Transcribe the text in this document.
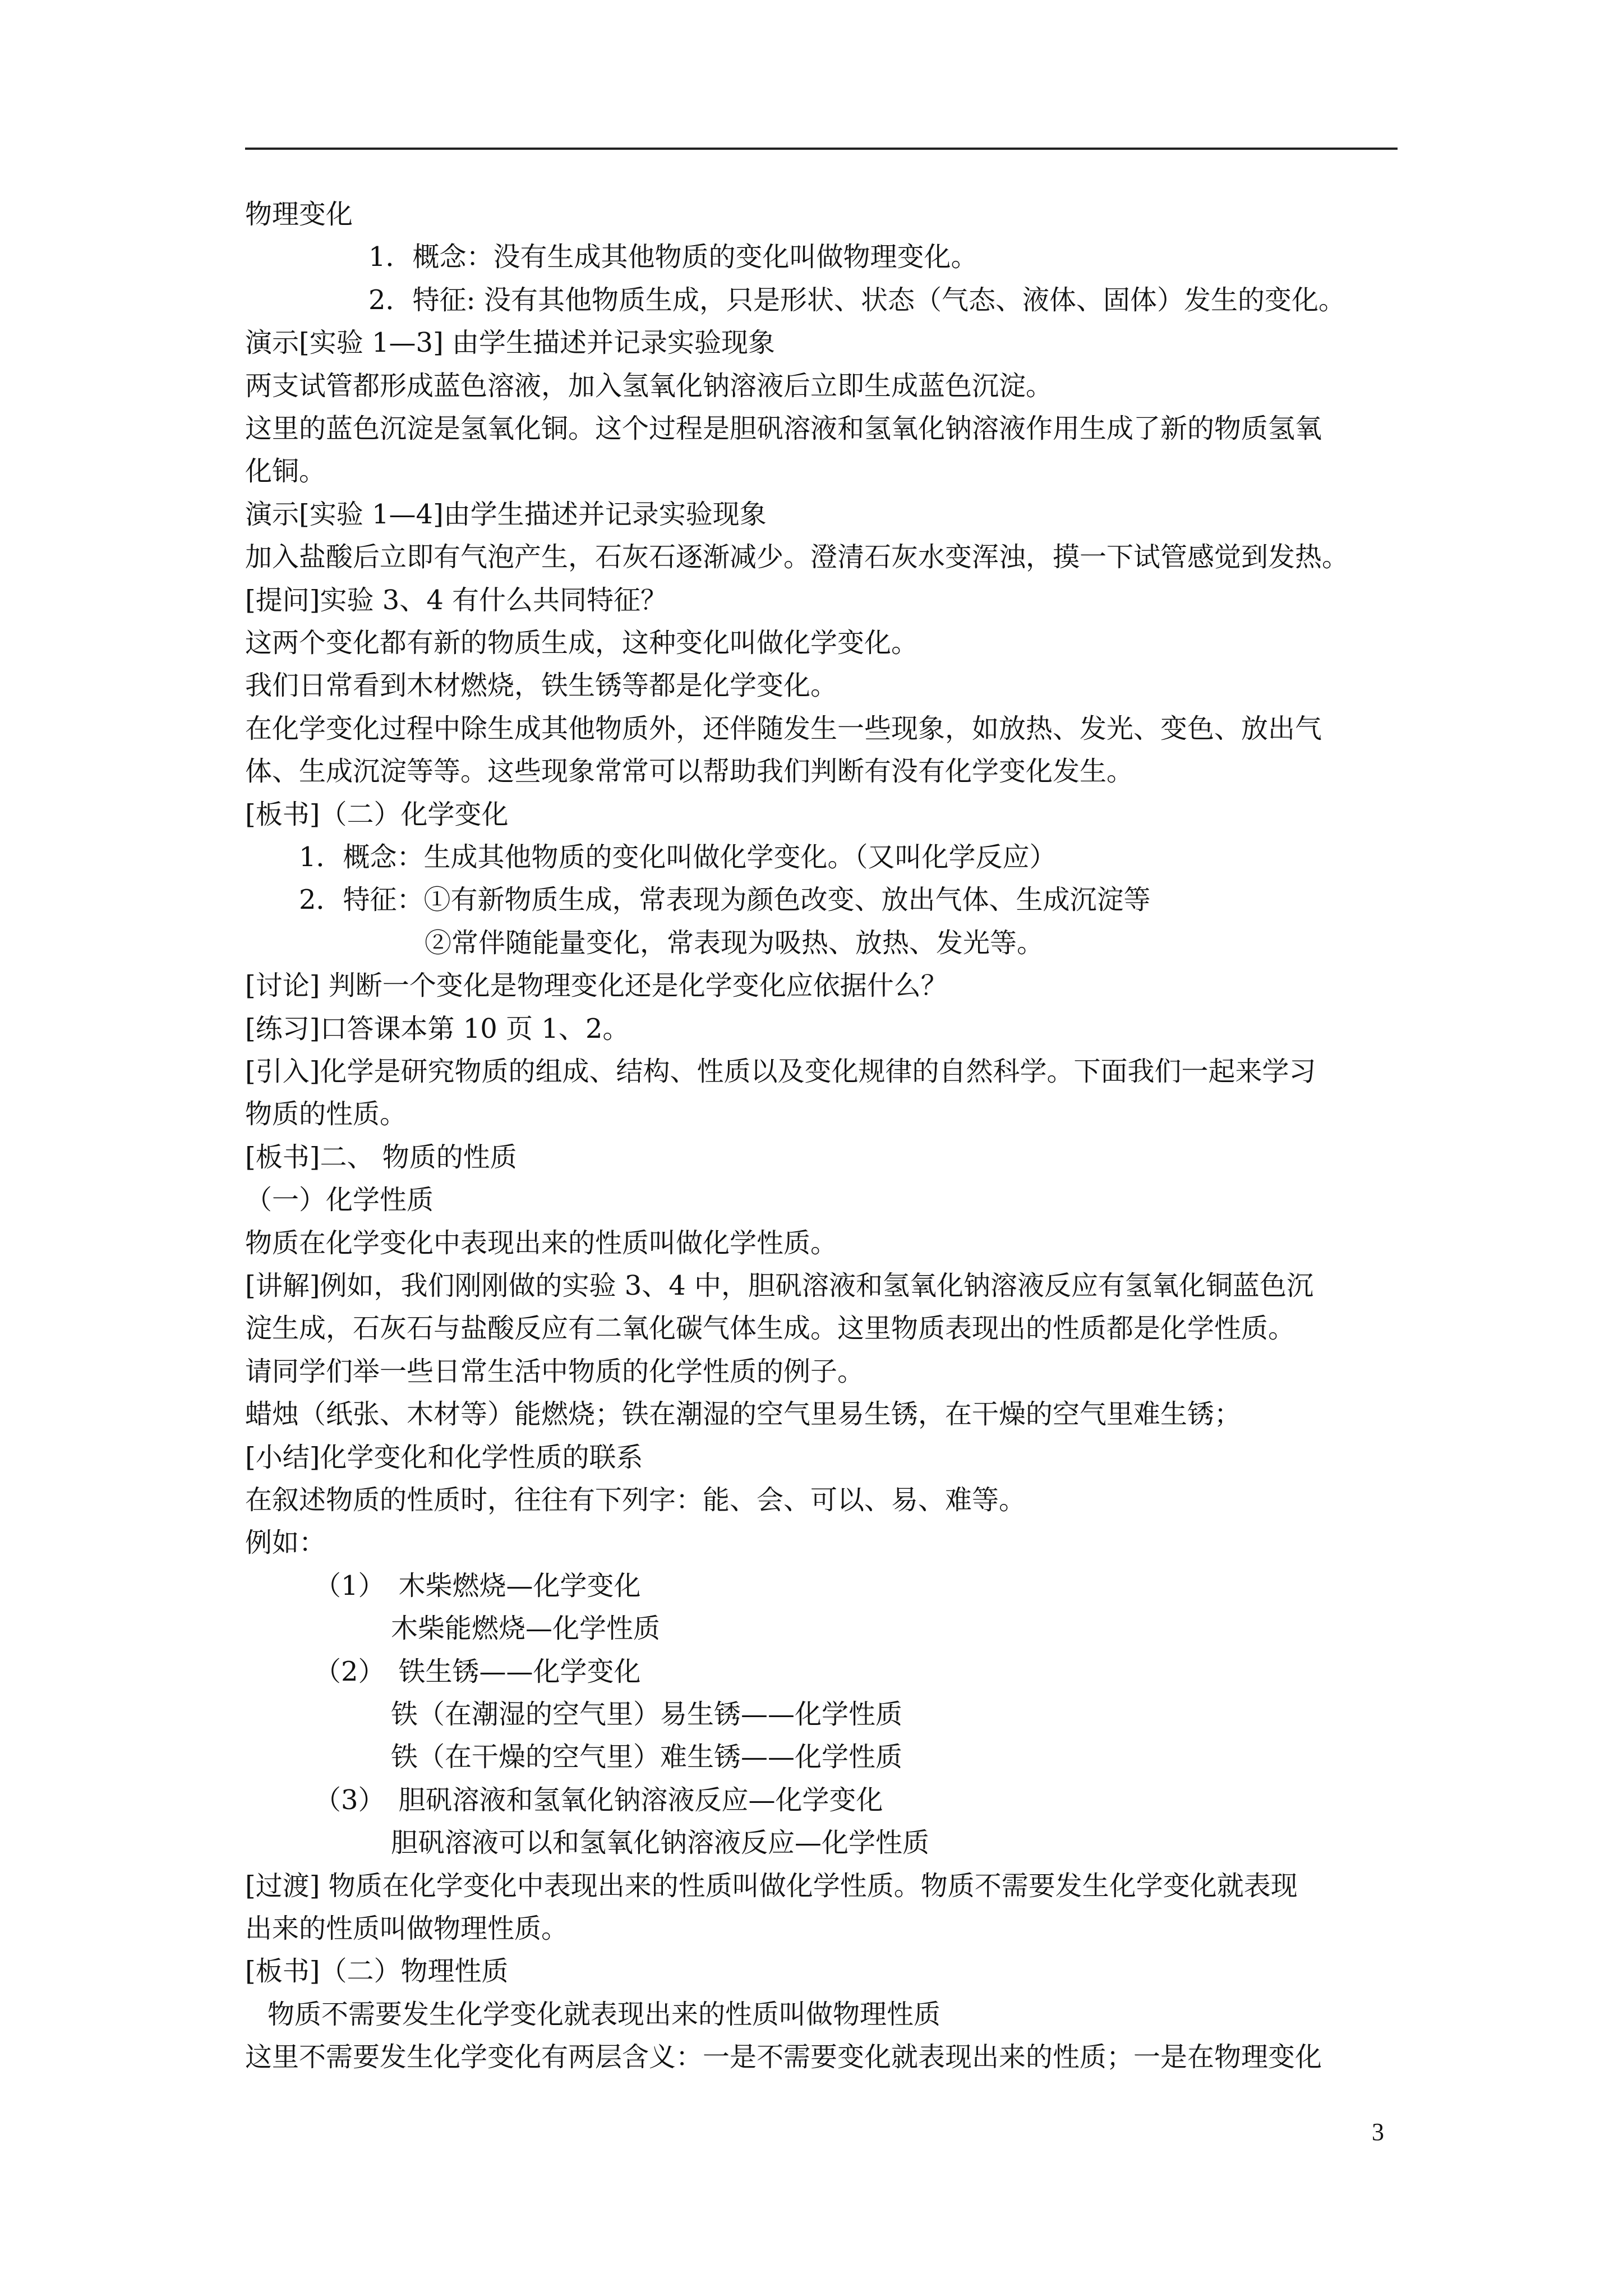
物理变化
1．概念：没有生成其他物质的变化叫做物理变化。
2．特征: 没有其他物质生成，只是形状、状态（气态、液体、固体）发生的变化。
演示[实验 1—3] 由学生描述并记录实验现象
两支试管都形成蓝色溶液，加入氢氧化钠溶液后立即生成蓝色沉淀。
这里的蓝色沉淀是氢氧化铜。这个过程是胆矾溶液和氢氧化钠溶液作用生成了新的物质氢氧
化铜。
演示[实验 1—4]由学生描述并记录实验现象
加入盐酸后立即有气泡产生，石灰石逐渐减少。澄清石灰水变浑浊，摸一下试管感觉到发热。
[提问]实验 3、4 有什么共同特征？
这两个变化都有新的物质生成，这种变化叫做化学变化。
我们日常看到木材燃烧，铁生锈等都是化学变化。
在化学变化过程中除生成其他物质外，还伴随发生一些现象，如放热、发光、变色、放出气
体、生成沉淀等等。这些现象常常可以帮助我们判断有没有化学变化发生。
[板书]（二）化学变化
1．概念：生成其他物质的变化叫做化学变化。（又叫化学反应）
2．特征：①有新物质生成，常表现为颜色改变、放出气体、生成沉淀等
②常伴随能量变化，常表现为吸热、放热、发光等。
[讨论] 判断一个变化是物理变化还是化学变化应依据什么？
[练习]口答课本第 10 页 1、2。
[引入]化学是研究物质的组成、结构、性质以及变化规律的自然科学。下面我们一起来学习
物质的性质。
[板书]二、 物质的性质
（一）化学性质
物质在化学变化中表现出来的性质叫做化学性质。
[讲解]例如，我们刚刚做的实验 3、4 中，胆矾溶液和氢氧化钠溶液反应有氢氧化铜蓝色沉
淀生成，石灰石与盐酸反应有二氧化碳气体生成。这里物质表现出的性质都是化学性质。
请同学们举一些日常生活中物质的化学性质的例子。
蜡烛（纸张、木材等）能燃烧；铁在潮湿的空气里易生锈，在干燥的空气里难生锈；
[小结]化学变化和化学性质的联系
在叙述物质的性质时，往往有下列字：能、会、可以、易、难等。
例如：
（1）　木柴燃烧—化学变化
木柴能燃烧—化学性质
（2）　铁生锈——化学变化
铁（在潮湿的空气里）易生锈——化学性质
铁（在干燥的空气里）难生锈——化学性质
（3）　胆矾溶液和氢氧化钠溶液反应—化学变化
胆矾溶液可以和氢氧化钠溶液反应—化学性质
[过渡] 物质在化学变化中表现出来的性质叫做化学性质。物质不需要发生化学变化就表现
出来的性质叫做物理性质。
[板书]（二）物理性质
物质不需要发生化学变化就表现出来的性质叫做物理性质
这里不需要发生化学变化有两层含义：一是不需要变化就表现出来的性质；一是在物理变化
3
